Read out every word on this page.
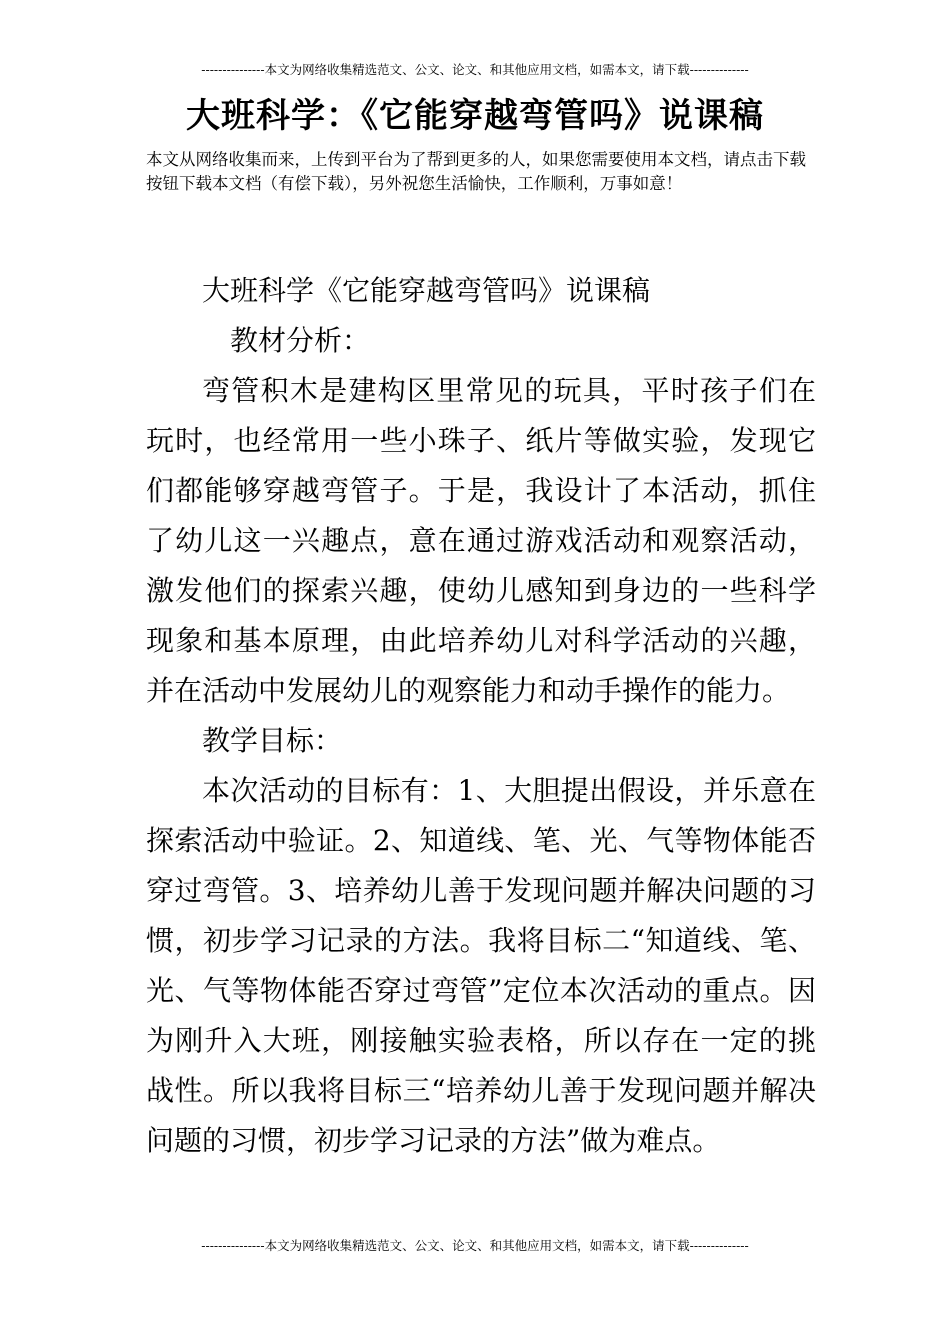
---------------本文为网络收集精选范文、公文、论文、和其他应用文档，如需本文，请下载--------------
大班科学：《它能穿越弯管吗》说课稿
本文从网络收集而来，上传到平台为了帮到更多的人，如果您需要使用本文档，请点击下载按钮下载本文档（有偿下载），另外祝您生活愉快，工作顺利，万事如意！

大班科学《它能穿越弯管吗》说课稿

教材分析：

弯管积木是建构区里常见的玩具，平时孩子们在玩时，也经常用一些小珠子、纸片等做实验，发现它们都能够穿越弯管子。于是，我设计了本活动，抓住了幼儿这一兴趣点，意在通过游戏活动和观察活动，激发他们的探索兴趣，使幼儿感知到身边的一些科学现象和基本原理，由此培养幼儿对科学活动的兴趣，并在活动中发展幼儿的观察能力和动手操作的能力。

教学目标：

本次活动的目标有：1、大胆提出假设，并乐意在探索活动中验证。2、知道线、笔、光、气等物体能否穿过弯管。3、培养幼儿善于发现问题并解决问题的习惯，初步学习记录的方法。我将目标二“知道线、笔、光、气等物体能否穿过弯管”定位本次活动的重点。因为刚升入大班，刚接触实验表格，所以存在一定的挑战性。所以我将目标三“培养幼儿善于发现问题并解决问题的习惯，初步学习记录的方法”做为难点。

---------------本文为网络收集精选范文、公文、论文、和其他应用文档，如需本文，请下载--------------
